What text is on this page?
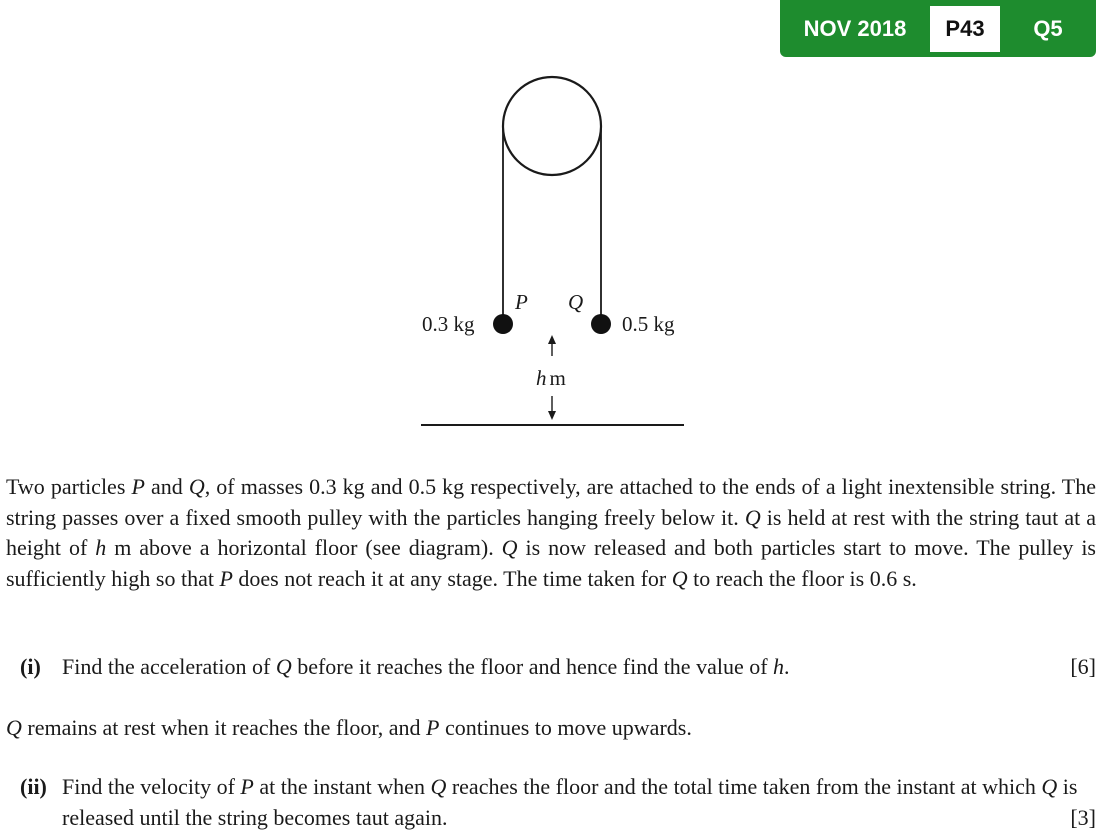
NOV 2018	P43	Q5
0.3 kg	0.5 kg
P Q
h m

Two particles P and Q, of masses 0.3 kg and 0.5 kg respectively, are attached to the ends of a light inextensible string. The string passes over a fixed smooth pulley with the particles hanging freely below it. Q is held at rest with the string taut at a height of h m above a horizontal floor (see diagram). Q is now released and both particles start to move. The pulley is sufficiently high so that P does not reach it at any stage. The time taken for Q to reach the floor is 0.6 s.

(i) Find the acceleration of Q before it reaches the floor and hence find the value of h.	[6]

Q remains at rest when it reaches the floor, and P continues to move upwards.

(ii) Find the velocity of P at the instant when Q reaches the floor and the total time taken from the instant at which Q is released until the string becomes taut again.	[3]
